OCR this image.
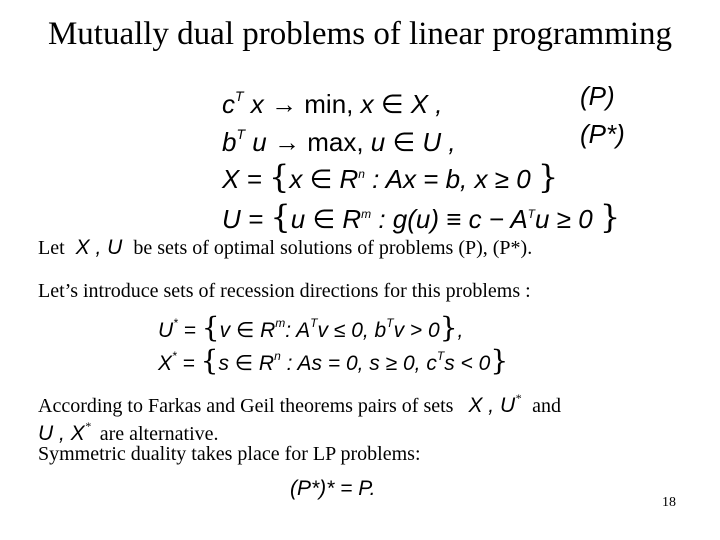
Mutually dual problems of linear programming
$c^T$ x → min, x ∈ X ,	(P)
$b^T$ u → max, u ∈ U ,	(P*)
X = {x ∈ $R^n$ : Ax = b, x ≥ 0 }
U = {u ∈ $R^m$ : $g(u) \equiv c - A^Tu \ge 0$ }
Let X , U be sets of optimal solutions of problems (P), (P*).
Let’s introduce sets of recession directions for this problems :
U* = {v ∈ $R^m$: $A^Tv \le 0$, $b^Tv > 0$},
X* = {s ∈ $R^n$ : As = 0, s ≥ 0, $c^Ts < 0$}
According to Farkas and Geil theorems pairs of sets X , U* and
U , X* are alternative.
Symmetric duality takes place for LP problems:
(P*)* = P.
18
